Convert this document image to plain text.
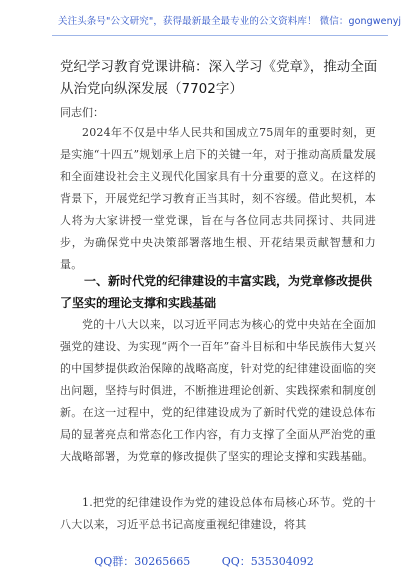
关注头条号"公文研究"，获得最新最全最专业的公文资料库！ 微信：gongwenyj
党纪学习教育党课讲稿：深入学习《党章》，推动全面从治党向纵深发展（7702字）
同志们：
2024年不仅是中华人民共和国成立75周年的重要时刻，更是实施“十四五”规划承上启下的关键一年，对于推动高质量发展和全面建设社会主义现代化国家具有十分重要的意义。在这样的背景下，开展党纪学习教育正当其时，刻不容缓。借此契机，本人将为大家讲授一堂党课，旨在与各位同志共同探讨、共同进步，为确保党中央决策部署落地生根、开花结果贡献智慧和力量。
一、新时代党的纪律建设的丰富实践，为党章修改提供了坚实的理论支撑和实践基础
党的十八大以来，以习近平同志为核心的党中央站在全面加强党的建设、为实现“两个一百年”奋斗目标和中华民族伟大复兴的中国梦提供政治保障的战略高度，针对党的纪律建设面临的突出问题，坚持与时俱进，不断推进理论创新、实践探索和制度创新。在这一过程中，党的纪律建设成为了新时代党的建设总体布局的显著亮点和常态化工作内容，有力支撑了全面从严治党的重大战略部署，为党章的修改提供了坚实的理论支撑和实践基础。
1.把党的纪律建设作为党的建设总体布局核心环节。党的十八大以来，习近平总书记高度重视纪律建设，将其
QQ群：30265665	QQ：535304092
